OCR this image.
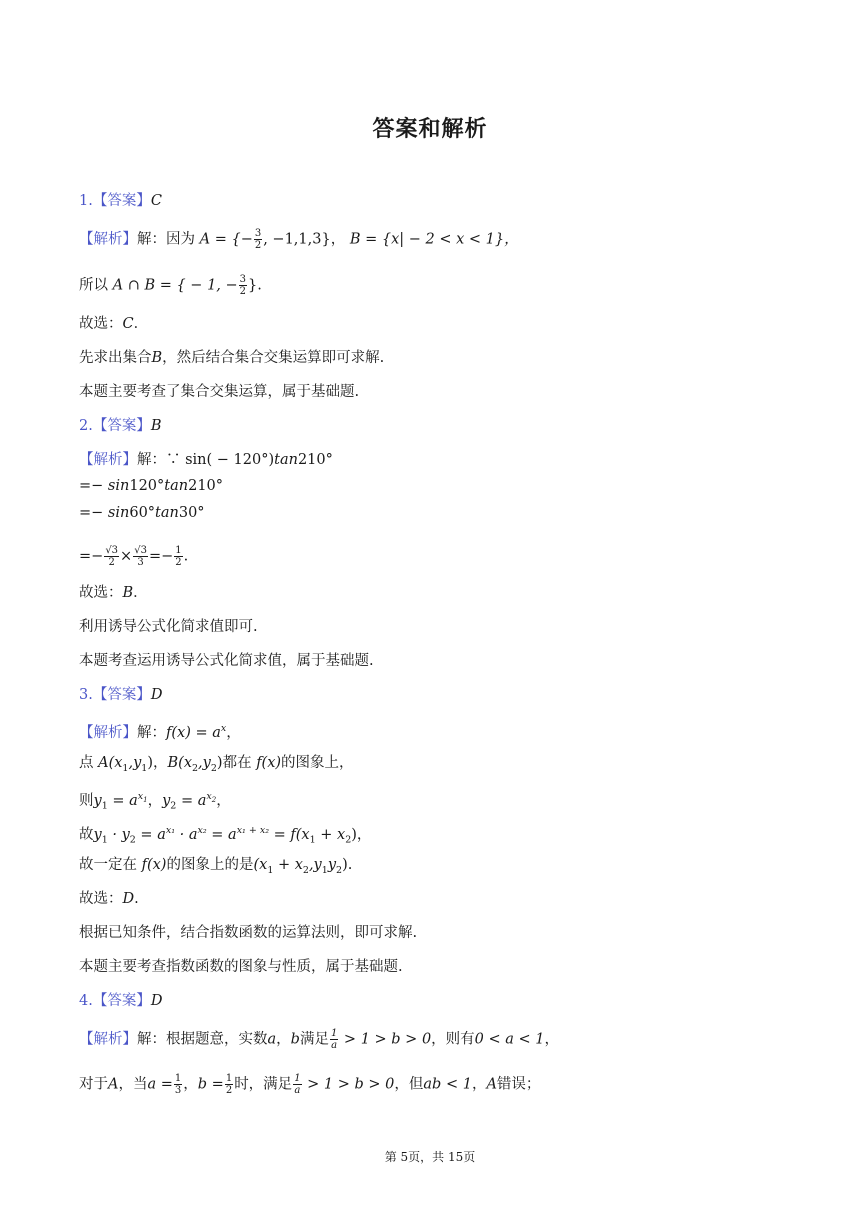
答案和解析
1.【答案】C
【解析】解：因为 A = {− $\frac{3}{2}$ , −1,1,3}， B = {x| − 2 < x < 1}，
所以 A ∩ B = { − 1, − $\frac{3}{2}$ }.
故选：C．
先求出集合B，然后结合集合交集运算即可求解.
本题主要考查了集合交集运算，属于基础题.
2.【答案】B
【解析】解：∵ sin( − 120°)tan210°
=− sin120°tan210°
=− sin60°tan30°
=− $\frac{√3}{2} \times \frac{√3}{3} =- \frac{1}{2}$ .
故选：B．
利用诱导公式化简求值即可.
本题考查运用诱导公式化简求值，属于基础题.
3.【答案】D
【解析】解：$f(x) = a^x$，
点 $A(x_1,y_1)$，$B(x_2,y_2)$都在 f(x)的图象上，
则$y_1 = a^{x_1}$，$y_2 = a^{x_2}$，
故$y_1 \cdot y_2 = a^{x_1} \cdot a^{x_2} = a^{x_1 + x_2} = f(x_1 + x_2)$，
故一定在 f(x)的图象上的是$(x_1 + x_2,y_1y_2)$.
故选：D.
根据已知条件，结合指数函数的运算法则，即可求解.
本题主要考查指数函数的图象与性质，属于基础题.
4.【答案】D
【解析】解：根据题意，实数a，b满足 $\frac{1}{a} > 1 > b > 0$，则有0 < a < 1，
对于A，当$a = \frac{1}{3}$ ，$b = \frac{1}{2}$ 时，满足 $\frac{1}{a} > 1 > b > 0$，但ab < 1，A错误；
第 5页，共 15页
